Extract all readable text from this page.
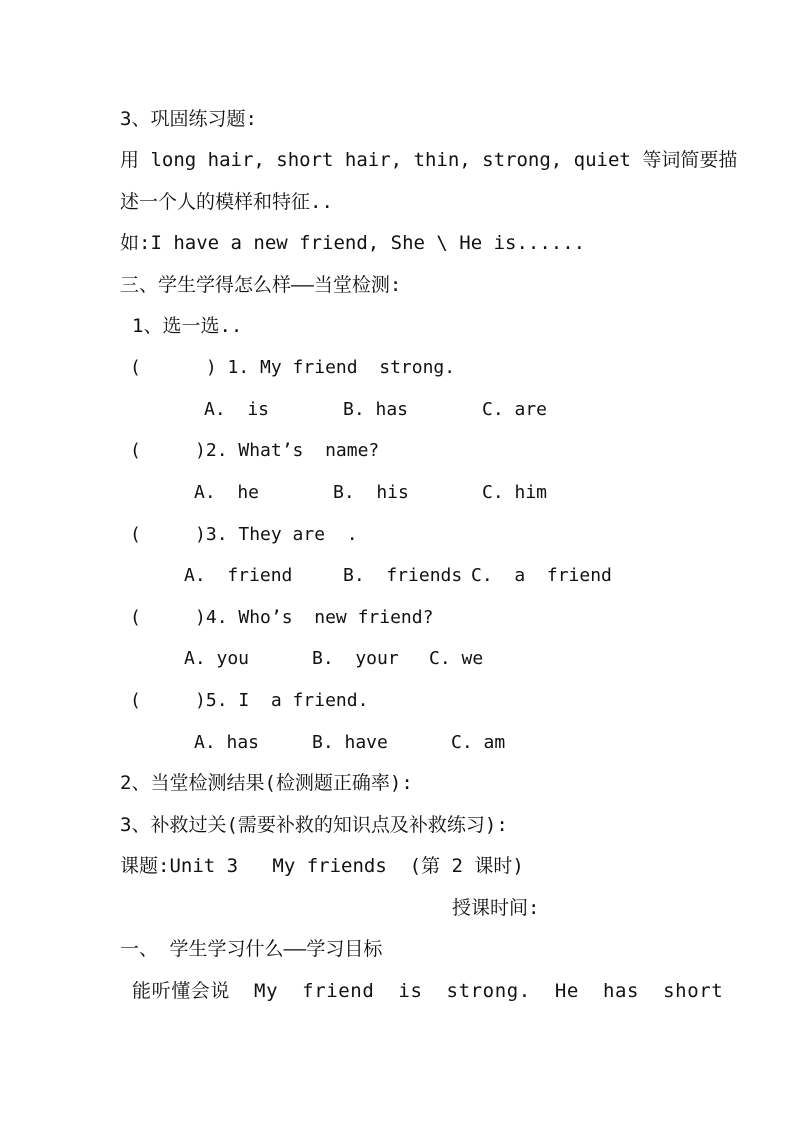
3、巩固练习题:
用 long hair, short hair, thin, strong, quiet 等词简要描
述一个人的模样和特征..
如:I have a new friend, She \ He is......
三、学生学得怎么样——当堂检测:
1、选一选..
(      ) 1. My friend  strong.
A.  is	B. has	C. are
(     )2. What’s  name?
A.  he	B.  his	C. him
(     )3. They are  .
A.  friend	B.  friends C.  a  friend
(     )4. Who’s  new friend?
A. you	B.  your C. we
(     )5. I  a friend.
A. has	B. have	C. am
2、当堂检测结果(检测题正确率):
3、补救过关(需要补救的知识点及补救练习):
课题:Unit 3   My friends  (第 2 课时)
授课时间:
一、 学生学习什么——学习目标
能听懂会说 My friend is strong. He has short
